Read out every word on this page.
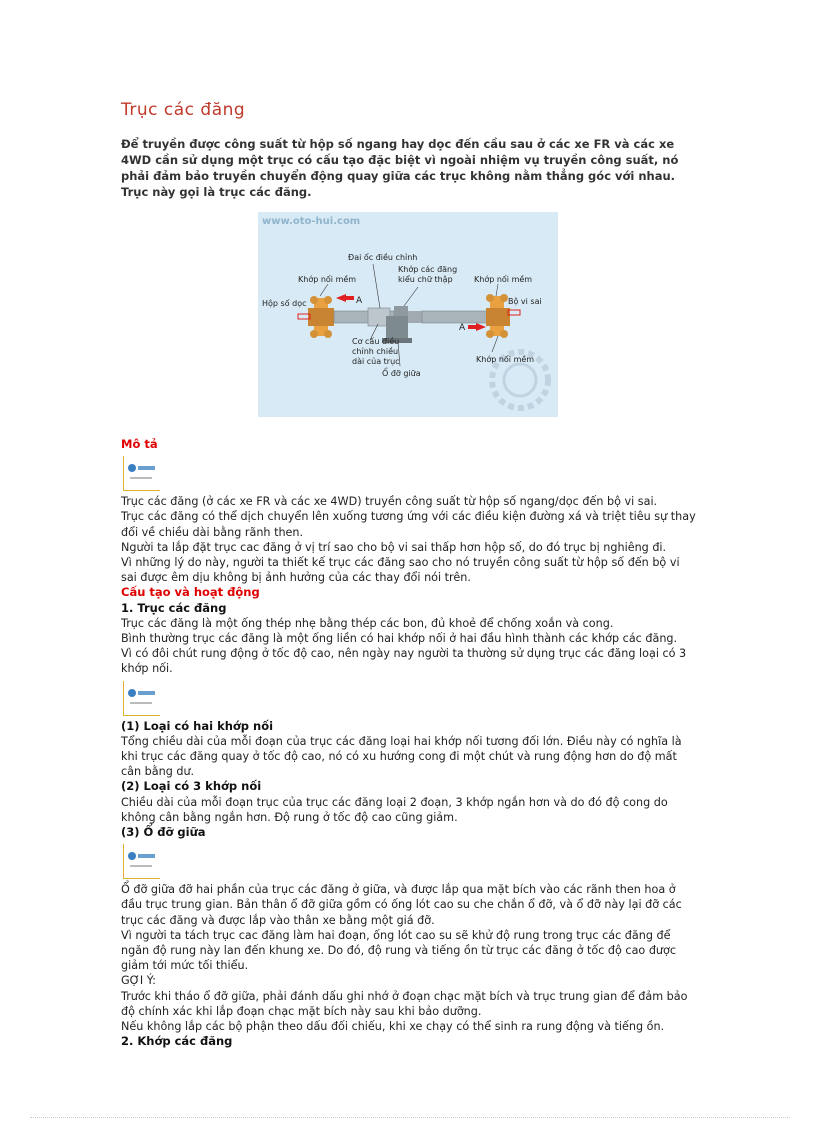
Trục các đăng
Để truyền được công suất từ hộp số ngang hay dọc đến cầu sau ở các xe FR và các xe 4WD cần sử dụng một trục có cấu tạo đặc biệt vì ngoài nhiệm vụ truyền công suất, nó phải đảm bảo truyền chuyển động quay giữa các trục không nằm thẳng góc với nhau. Trục này gọi là trục các đăng.
www.oto-hui.com
A
A
Đai ốc điều chỉnh
Khớp nối mềm
Khớp các đăng
kiểu chữ thập	Khớp nối mềm
Hộp số dọc	Bộ vi sai
Cơ cấu điều
chỉnh chiều
dài của trục
Ổ đỡ giữa
Khớp nối mềm

Mô tả

Trục các đăng (ở các xe FR và các xe 4WD) truyền công suất từ hộp số ngang/dọc đến bộ vi sai.

Trục các đăng có thể dịch chuyển lên xuống tương ứng với các điều kiện đường xá và triệt tiêu sự thay đổi về chiều dài bằng rãnh then.

Người ta lắp đặt trục cac đăng ở vị trí sao cho bộ vi sai thấp hơn hộp số, do đó trục bị nghiêng đi.

Vì những lý do này, người ta thiết kế trục các đăng sao cho nó truyền công suất từ hộp số đến bộ vi sai được êm dịu không bị ảnh hưởng của các thay đổi nói trên.

Cấu tạo và hoạt động

1. Trục các đăng

Trục các đăng là một ống thép nhẹ bằng thép các bon, đủ khoẻ để chống xoắn và cong.

Bình thường trục các đăng là một ống liền có hai khớp nối ở hai đầu hình thành các khớp các đăng.

Vì có đôi chút rung động ở tốc độ cao, nên ngày nay người ta thường sử dụng trục các đăng loại có 3 khớp nối.

(1) Loại có hai khớp nối

Tổng chiều dài của mỗi đoạn của trục các đăng loại hai khớp nối tương đối lớn. Điều này có nghĩa là khi trục các đăng quay ở tốc độ cao, nó có xu hướng cong đi một chút và rung động hơn do độ mất cân bằng dư.

(2) Loại có 3 khớp nối

Chiều dài của mỗi đoạn trục của trục các đăng loại 2 đoạn, 3 khớp ngắn hơn và do đó độ cong do không cân bằng ngắn hơn. Độ rung ở tốc độ cao cũng giảm.

(3) Ổ đỡ giữa

Ổ đỡ giữa đỡ hai phần của trục các đăng ở giữa, và được lắp qua mặt bích vào các rãnh then hoa ở đầu trục trung gian. Bản thân ổ đỡ giữa gồm có ống lót cao su che chắn ổ đỡ, và ổ đỡ này lại đỡ các trục các đăng và được lắp vào thân xe bằng một giá đỡ.

Vì người ta tách trục cac đăng làm hai đoạn, ống lót cao su sẽ khử độ rung trong trục các đăng để ngăn độ rung này lan đến khung xe. Do đó, độ rung và tiếng ồn từ trục các đăng ở tốc độ cao được giảm tới mức tối thiểu.

GỢI Ý:

Trước khi tháo ổ đỡ giữa, phải đánh dấu ghi nhớ ở đoạn chạc mặt bích và trục trung gian để đảm bảo độ chính xác khi lắp đoạn chạc mặt bích này sau khi bảo dưỡng.

Nếu không lắp các bộ phận theo dấu đối chiếu, khi xe chạy có thể sinh ra rung động và tiếng ồn.

2. Khớp các đăng
